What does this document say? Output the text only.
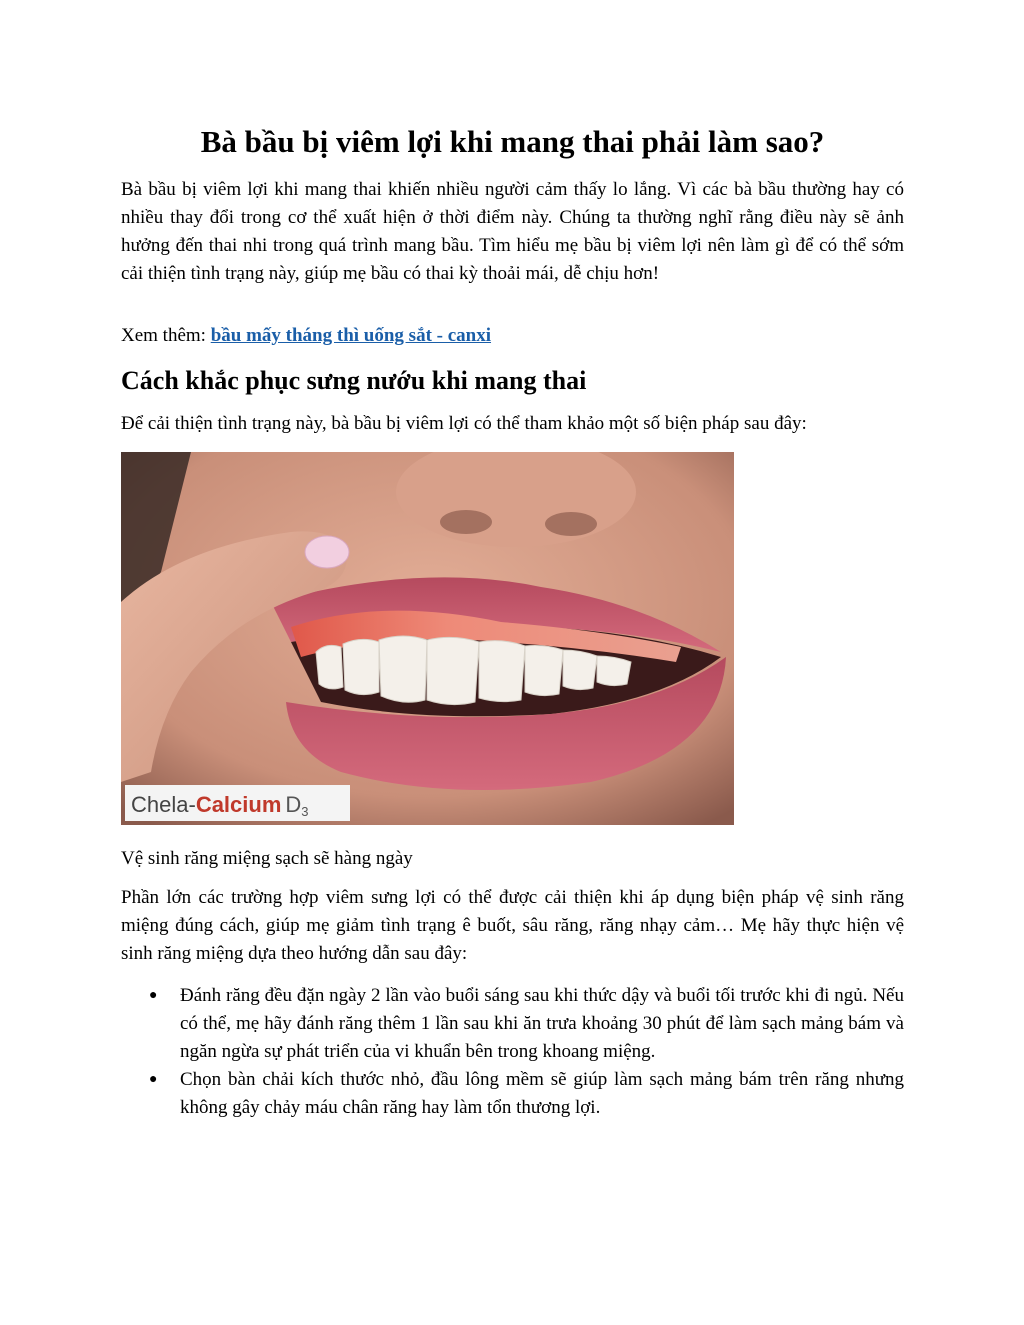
Bà bầu bị viêm lợi khi mang thai phải làm sao?

Bà bầu bị viêm lợi khi mang thai khiến nhiều người cảm thấy lo lắng. Vì các bà bầu thường hay có nhiều thay đổi trong cơ thể xuất hiện ở thời điểm này. Chúng ta thường nghĩ rằng điều này sẽ ảnh hưởng đến thai nhi trong quá trình mang bầu. Tìm hiểu mẹ bầu bị viêm lợi nên làm gì để có thể sớm cải thiện tình trạng này, giúp mẹ bầu có thai kỳ thoải mái, dễ chịu hơn!

Xem thêm: bầu mấy tháng thì uống sắt - canxi

Cách khắc phục sưng nướu khi mang thai

Để cải thiện tình trạng này, bà bầu bị viêm lợi có thể tham khảo một số biện pháp sau đây:

Chela-Calcium D3

Vệ sinh răng miệng sạch sẽ hàng ngày

Phần lớn các trường hợp viêm sưng lợi có thể được cải thiện khi áp dụng biện pháp vệ sinh răng miệng đúng cách, giúp mẹ giảm tình trạng ê buốt, sâu răng, răng nhạy cảm… Mẹ hãy thực hiện vệ sinh răng miệng dựa theo hướng dẫn sau đây:

● Đánh răng đều đặn ngày 2 lần vào buổi sáng sau khi thức dậy và buổi tối trước khi đi ngủ. Nếu có thể, mẹ hãy đánh răng thêm 1 lần sau khi ăn trưa khoảng 30 phút để làm sạch mảng bám và ngăn ngừa sự phát triển của vi khuẩn bên trong khoang miệng.
● Chọn bàn chải kích thước nhỏ, đầu lông mềm sẽ giúp làm sạch mảng bám trên răng nhưng không gây chảy máu chân răng hay làm tổn thương lợi.
